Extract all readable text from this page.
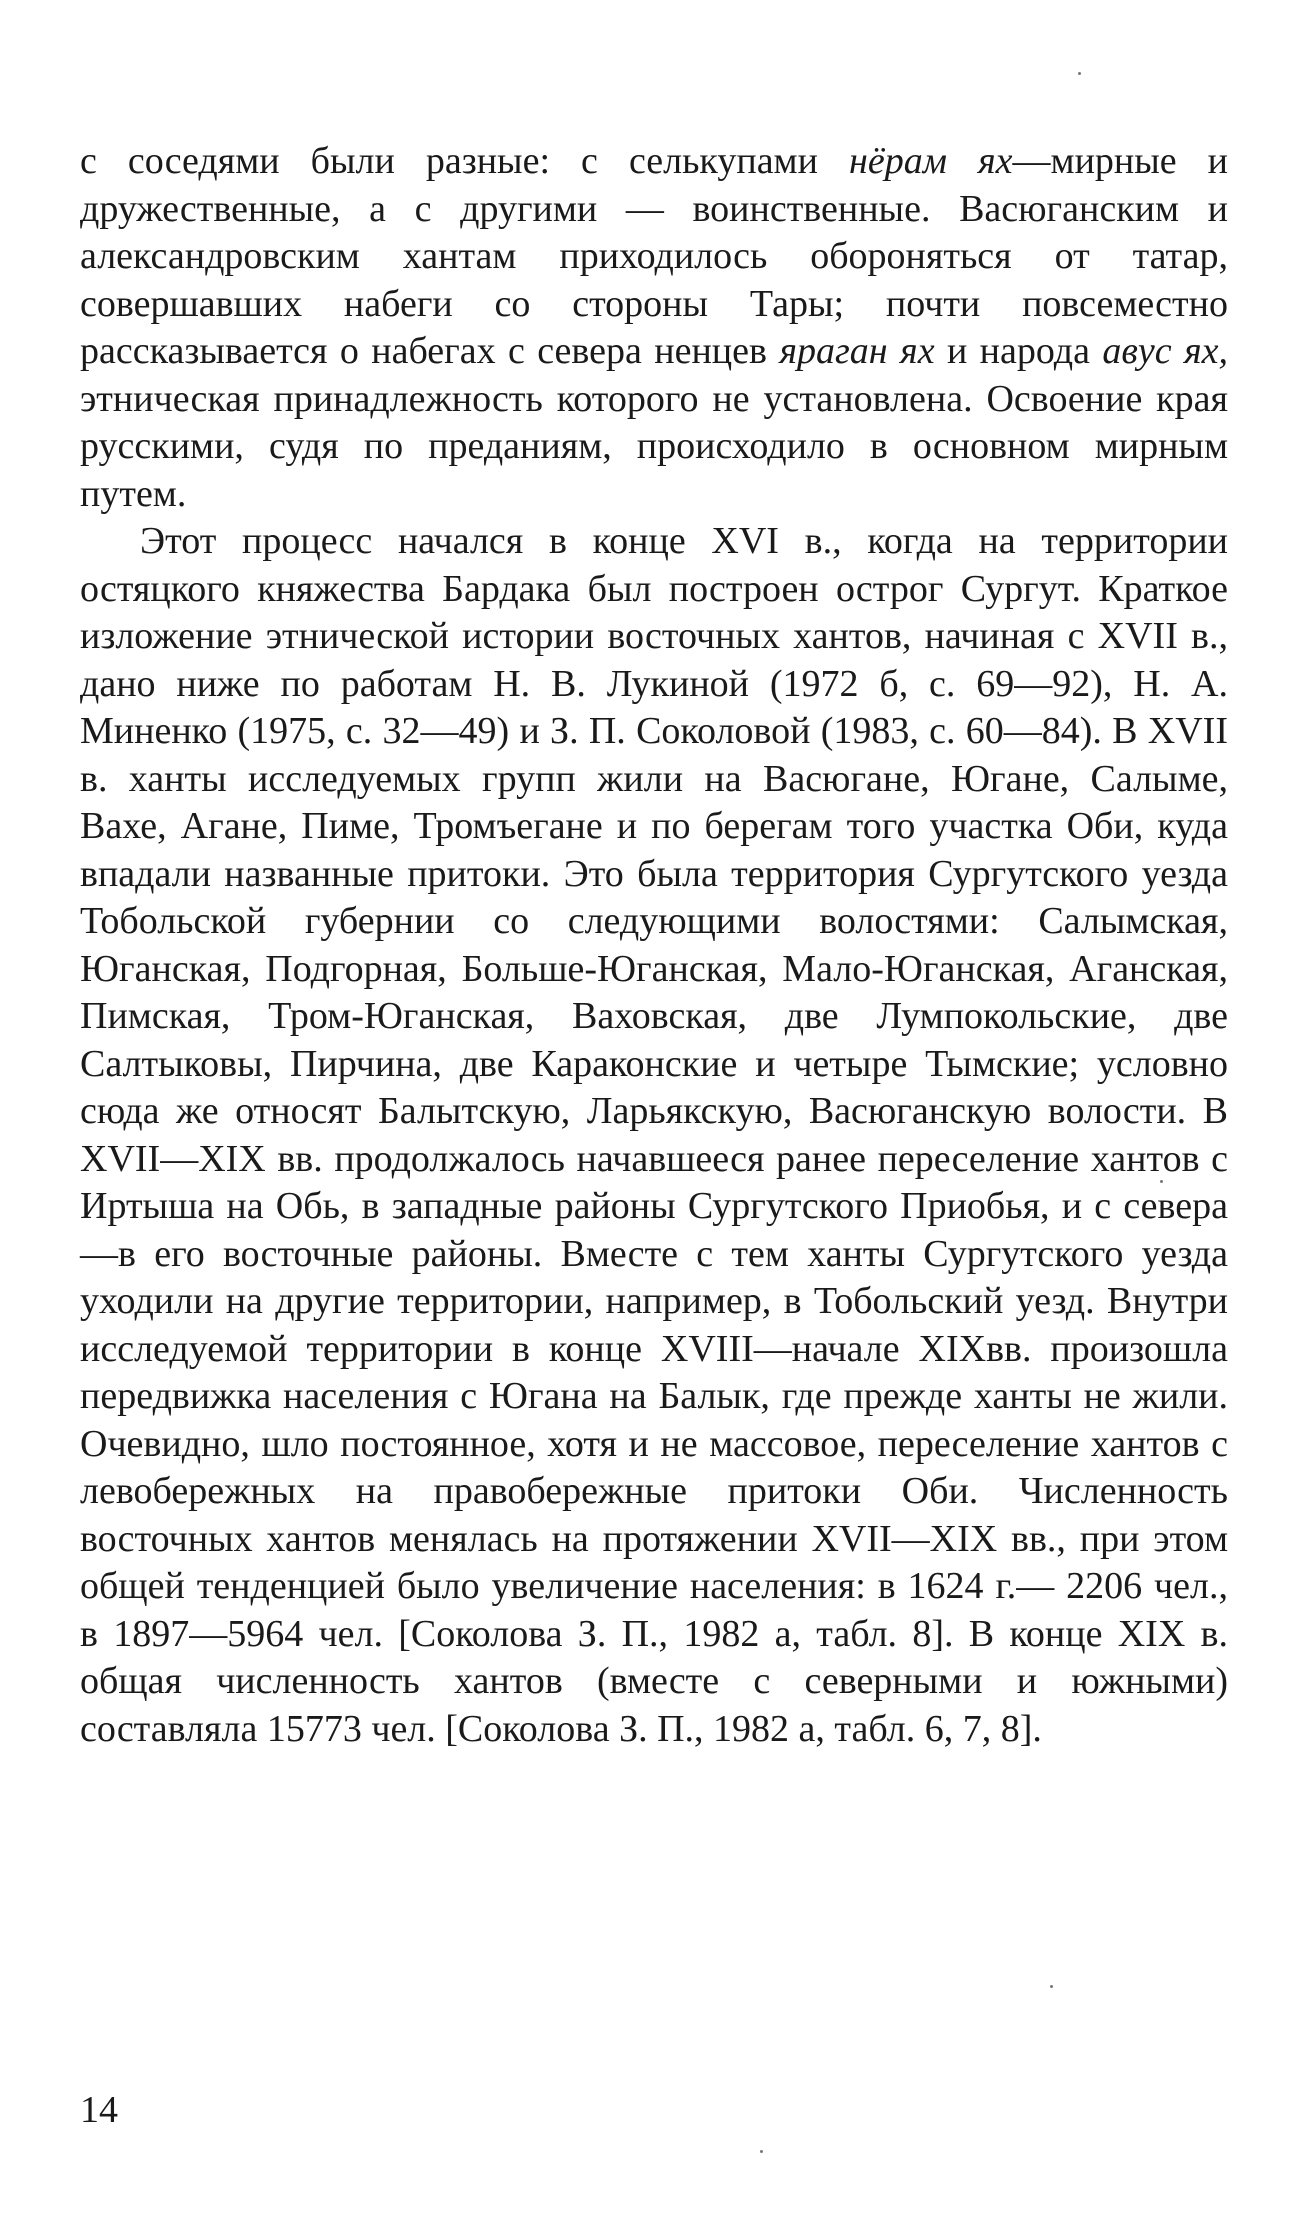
с соседями были разные: с селькупами нёрам ях—мирные и дружественные, а с другими — воинственные. Васюганским и александровским хантам приходилось обороняться от татар, совершавших набеги со стороны Тары; почти повсеместно рассказывается о набегах с севера ненцев яраган ях и народа авус ях, этническая принадлежность которого не установлена. Освоение края русскими, судя по преданиям, происходило в основном мирным путем.

Этот процесс начался в конце XVI в., когда на территории остяцкого княжества Бардака был построен острог Сургут. Краткое изложение этнической истории восточных хантов, начиная с XVII в., дано ниже по работам Н. В. Лукиной (1972 б, с. 69—92), Н. А. Миненко (1975, с. 32—49) и З. П. Соколовой (1983, с. 60—84). В XVII в. ханты исследуемых групп жили на Васюгане, Югане, Салыме, Вахе, Агане, Пиме, Тромъегане и по берегам того участка Оби, куда впадали названные притоки. Это была территория Сургутского уезда Тобольской губернии со следующими волостями: Салымская, Юганская, Подгорная, Больше-Юганская, Мало-Юганская, Аганская, Пимская, Тром-Юганская, Ваховская, две Лумпокольские, две Салтыковы, Пирчина, две Караконские и четыре Тымские; условно сюда же относят Балытскую, Ларьякскую, Васюганскую волости. В XVII—XIX вв. продолжалось начавшееся ранее переселение хантов с Иртыша на Обь, в западные районы Сургутского Приобья, и с севера—в его восточные районы. Вместе с тем ханты Сургутского уезда уходили на другие территории, например, в Тобольский уезд. Внутри исследуемой территории в конце XVIII—начале XIXвв. произошла передвижка населения с Югана на Балык, где прежде ханты не жили. Очевидно, шло постоянное, хотя и не массовое, переселение хантов с левобережных на правобережные притоки Оби. Численность восточных хантов менялась на протяжении XVII—XIX вв., при этом общей тенденцией было увеличение населения: в 1624 г.— 2206 чел., в 1897—5964 чел. [Соколова З. П., 1982 а, табл. 8]. В конце XIX в. общая численность хантов (вместе с северными и южными) составляла 15773 чел. [Соколова З. П., 1982 а, табл. 6, 7, 8].

14
